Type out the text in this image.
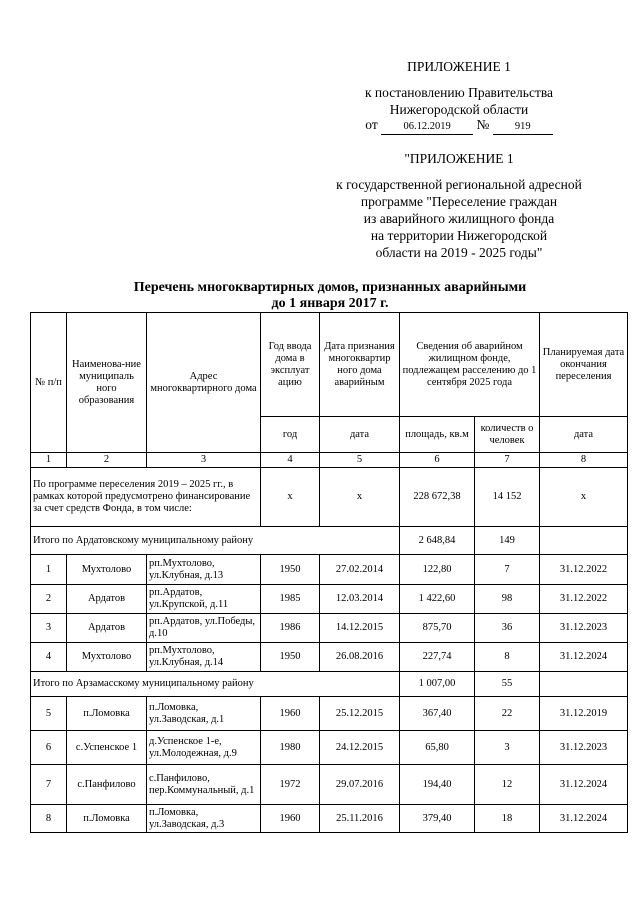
ПРИЛОЖЕНИЕ 1
к постановлению Правительства
Нижегородской области
от 06.12.2019 № 919
"ПРИЛОЖЕНИЕ 1
к государственной региональной адресной
программе "Переселение граждан
из аварийного жилищного фонда
на территории Нижегородской
области на 2019 - 2025 годы"
Перечень многоквартирных домов, признанных аварийными
до 1 января 2017 г.
№ п/п	Наименова-ние муниципаль ного образования	Адрес многоквартирного дома	Год ввода дома в эксплуат ацию	Дата признания многоквартир ного дома аварийным	Сведения об аварийном жилищном фонде, подлежащем расселению до 1 сентября 2025 года		Планируемая дата окончания переселения
			год	дата	площадь, кв.м	количеств о человек	дата
1	2	3	4	5	6	7	8
По программе переселения 2019 – 2025 гг., в рамках которой предусмотрено финансирование за счет средств Фонда, в том числе:			х	х	228 672,38	14 152	х
Итого по Ардатовскому муниципальному району					2 648,84	149	
1	Мухтолово	рп.Мухтолово, ул.Клубная, д.13	1950	27.02.2014	122,80	7	31.12.2022
2	Ардатов	рп.Ардатов, ул.Крупской, д.11	1985	12.03.2014	1 422,60	98	31.12.2022
3	Ардатов	рп.Ардатов, ул.Победы, д.10	1986	14.12.2015	875,70	36	31.12.2023
4	Мухтолово	рп.Мухтолово, ул.Клубная, д.14	1950	26.08.2016	227,74	8	31.12.2024
Итого по Арзамасскому муниципальному району					1 007,00	55	
5	п.Ломовка	п.Ломовка, ул.Заводская, д.1	1960	25.12.2015	367,40	22	31.12.2019
6	с.Успенское 1	д.Успенское 1-е, ул.Молодежная, д.9	1980	24.12.2015	65,80	3	31.12.2023
7	с.Панфилово	с.Панфилово, пер.Коммунальный, д.1	1972	29.07.2016	194,40	12	31.12.2024
8	п.Ломовка	п.Ломовка, ул.Заводская, д.3	1960	25.11.2016	379,40	18	31.12.2024
